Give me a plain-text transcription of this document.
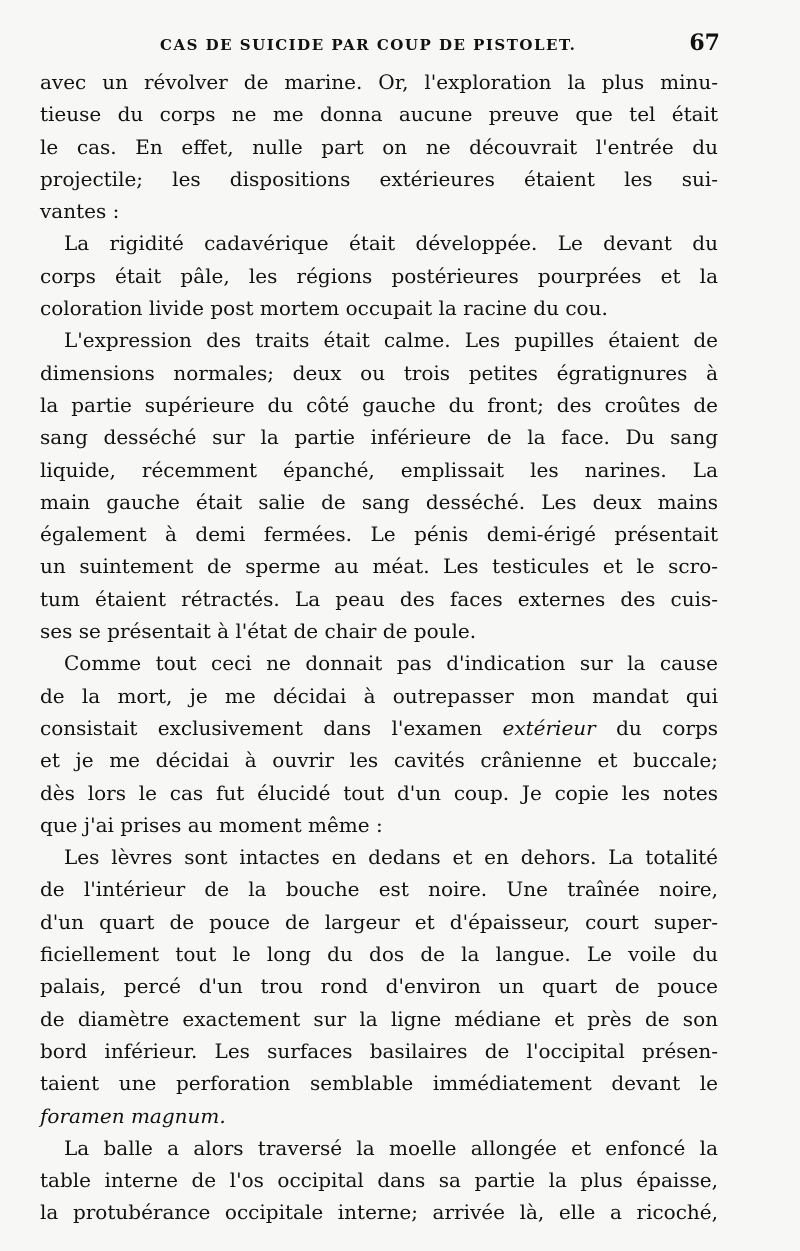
CAS DE SUICIDE PAR COUP DE PISTOLET.	67
avec un révolver de marine. Or, l'exploration la plus minu-
tieuse du corps ne me donna aucune preuve que tel était
le cas. En effet, nulle part on ne découvrait l'entrée du
projectile; les dispositions extérieures étaient les sui-
vantes :
La rigidité cadavérique était développée. Le devant du
corps était pâle, les régions postérieures pourprées et la
coloration livide post mortem occupait la racine du cou.
L'expression des traits était calme. Les pupilles étaient de
dimensions normales; deux ou trois petites égratignures à
la partie supérieure du côté gauche du front; des croûtes de
sang desséché sur la partie inférieure de la face. Du sang
liquide, récemment épanché, emplissait les narines. La
main gauche était salie de sang desséché. Les deux mains
également à demi fermées. Le pénis demi-érigé présentait
un suintement de sperme au méat. Les testicules et le scro-
tum étaient rétractés. La peau des faces externes des cuis-
ses se présentait à l'état de chair de poule.
Comme tout ceci ne donnait pas d'indication sur la cause
de la mort, je me décidai à outrepasser mon mandat qui
consistait exclusivement dans l'examen extérieur du corps
et je me décidai à ouvrir les cavités crânienne et buccale;
dès lors le cas fut élucidé tout d'un coup. Je copie les notes
que j'ai prises au moment même :
Les lèvres sont intactes en dedans et en dehors. La totalité
de l'intérieur de la bouche est noire. Une traînée noire,
d'un quart de pouce de largeur et d'épaisseur, court super-
ficiellement tout le long du dos de la langue. Le voile du
palais, percé d'un trou rond d'environ un quart de pouce
de diamètre exactement sur la ligne médiane et près de son
bord inférieur. Les surfaces basilaires de l'occipital présen-
taient une perforation semblable immédiatement devant le
foramen magnum.
La balle a alors traversé la moelle allongée et enfoncé la
table interne de l'os occipital dans sa partie la plus épaisse,
la protubérance occipitale interne; arrivée là, elle a ricoché,
